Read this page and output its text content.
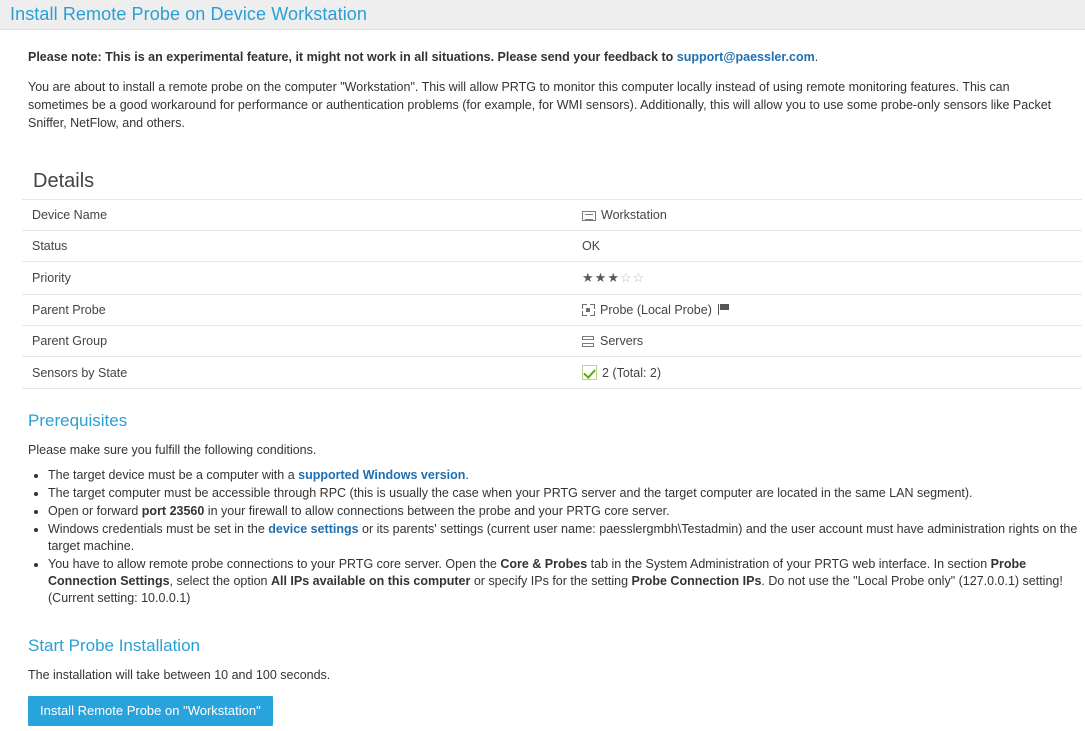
Install Remote Probe on Device Workstation
Please note: This is an experimental feature, it might not work in all situations. Please send your feedback to support@paessler.com.
You are about to install a remote probe on the computer "Workstation". This will allow PRTG to monitor this computer locally instead of using remote monitoring features. This can sometimes be a good workaround for performance or authentication problems (for example, for WMI sensors). Additionally, this will allow you to use some probe-only sensors like Packet Sniffer, NetFlow, and others.
Details
Device Name	Workstation
Status	OK
Priority	★★★☆☆
Parent Probe	Probe (Local Probe)
Parent Group	Servers
Sensors by State	2 (Total: 2)
Prerequisites
Please make sure you fulfill the following conditions.
• The target device must be a computer with a supported Windows version.
• The target computer must be accessible through RPC (this is usually the case when your PRTG server and the target computer are located in the same LAN segment).
• Open or forward port 23560 in your firewall to allow connections between the probe and your PRTG core server.
• Windows credentials must be set in the device settings or its parents' settings (current user name: paesslergmbh\Testadmin) and the user account must have administration rights on the target machine.
• You have to allow remote probe connections to your PRTG core server. Open the Core & Probes tab in the System Administration of your PRTG web interface. In section Probe Connection Settings, select the option All IPs available on this computer or specify IPs for the setting Probe Connection IPs. Do not use the "Local Probe only" (127.0.0.1) setting! (Current setting: 10.0.0.1)
Start Probe Installation
The installation will take between 10 and 100 seconds.
Install Remote Probe on "Workstation"
